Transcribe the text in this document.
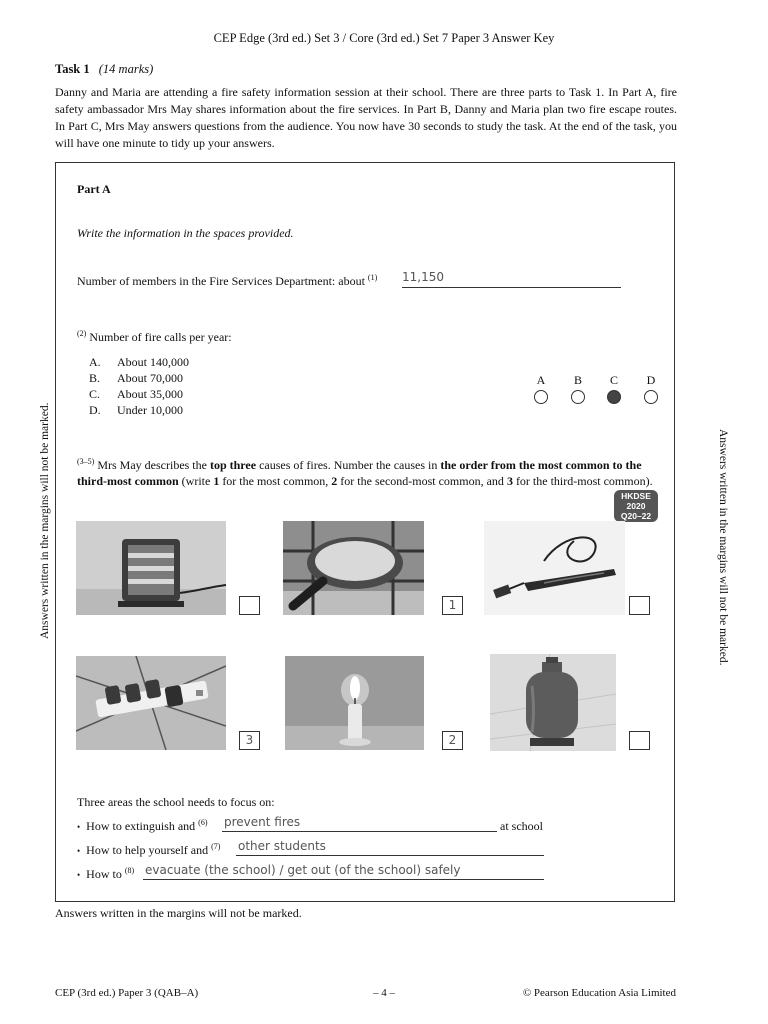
CEP Edge (3rd ed.) Set 3 / Core (3rd ed.) Set 7 Paper 3 Answer Key
Task 1 (14 marks)
Danny and Maria are attending a fire safety information session at their school. There are three parts to Task 1. In Part A, fire safety ambassador Mrs May shares information about the fire services. In Part B, Danny and Maria plan two fire escape routes. In Part C, Mrs May answers questions from the audience. You now have 30 seconds to study the task. At the end of the task, you will have one minute to tidy up your answers.
Answers written in the margins will not be marked.	Answers written in the margins will not be marked.
Part A
Write the information in the spaces provided.
Number of members in the Fire Services Department: about $^{(1)}$ 11,150
$^{(2)}$ Number of fire calls per year:
A. About 140,000
B. About 70,000
C. About 35,000
D. Under 10,000
A B C D
$^{(3-5)}$ Mrs May describes the top three causes of fires. Number the causes in the order from the most common to the third-most common (write 1 for the most common, 2 for the second-most common, and 3 for the third-most common).
HKDSE
2020
Q20–22
1
3	2
Three areas the school needs to focus on:
• How to extinguish and $^{(6)}$ prevent fires	at school
• How to help yourself and $^{(7)}$ other students
• How to $^{(8)}$ evacuate (the school) / get out (of the school) safely
Answers written in the margins will not be marked.
CEP (3rd ed.) Paper 3 (QAB–A)	– 4 –	© Pearson Education Asia Limited
